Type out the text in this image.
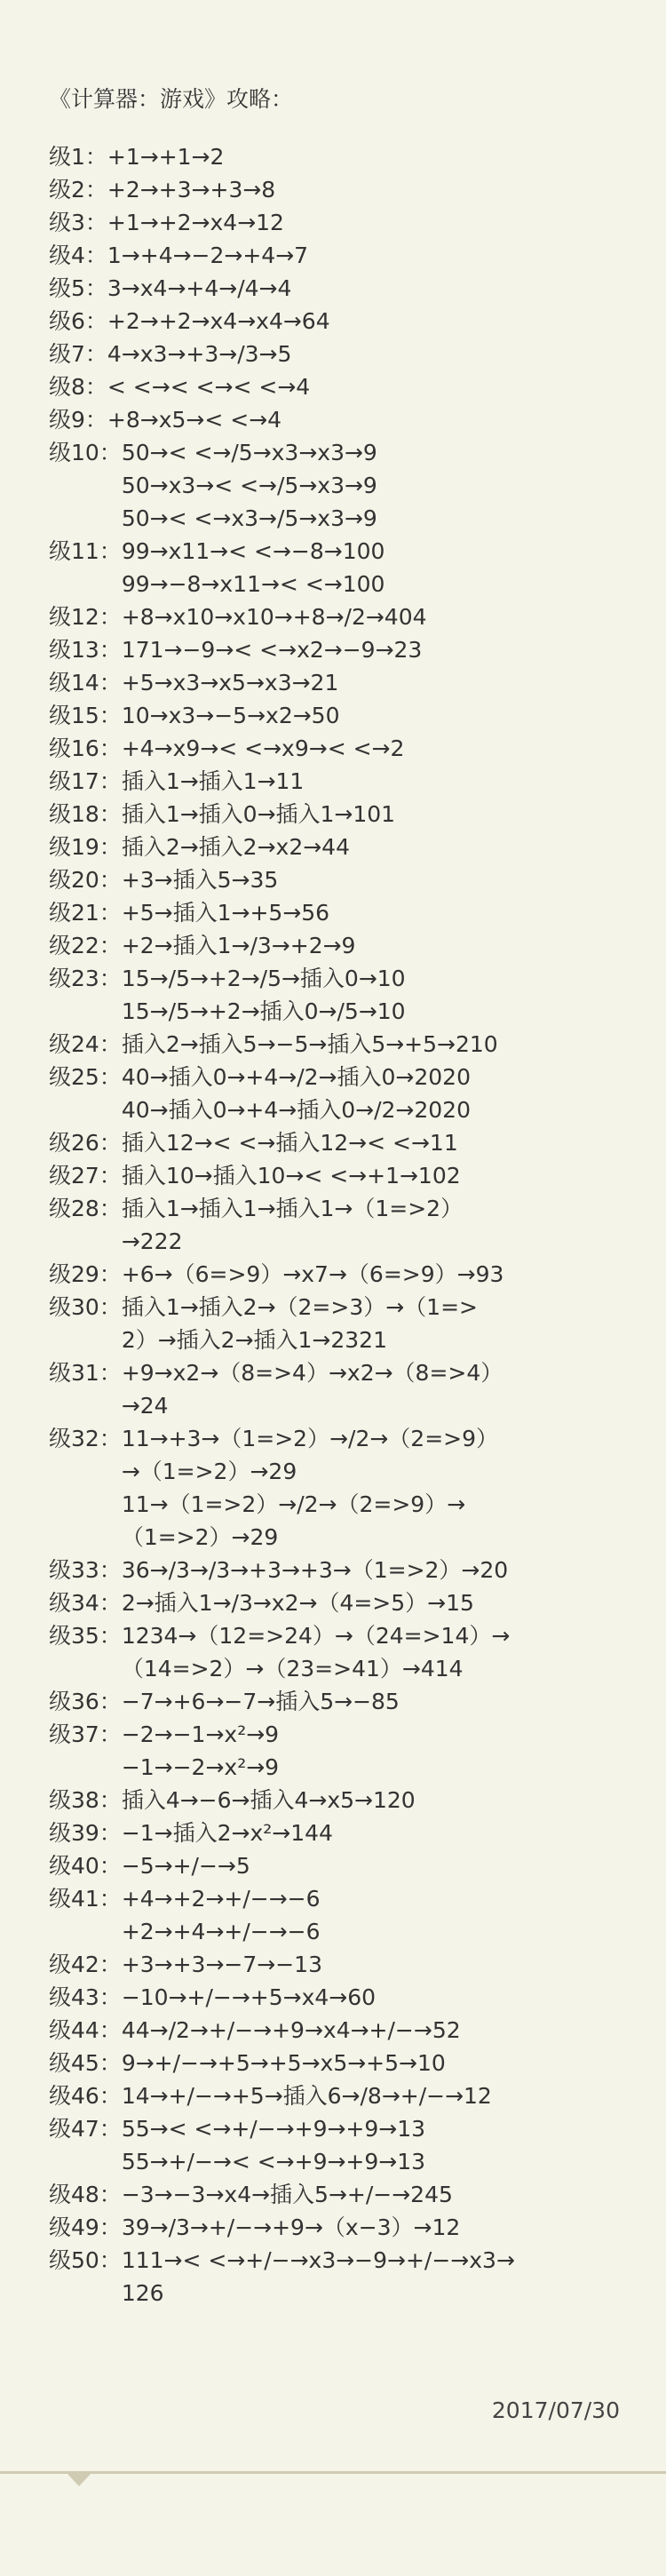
《计算器：游戏》攻略：
级1： +1→+1→2
级2： +2→+3→+3→8
级3： +1→+2→x4→12
级4： 1→+4→−2→+4→7
级5： 3→x4→+4→/4→4
级6： +2→+2→x4→x4→64
级7： 4→x3→+3→/3→5
级8： < <→< <→< <→4
级9： +8→x5→< <→4
级10： 50→< <→/5→x3→x3→9
50→x3→< <→/5→x3→9
50→< <→x3→/5→x3→9
级11： 99→x11→< <→−8→100
99→−8→x11→< <→100
级12： +8→x10→x10→+8→/2→404
级13： 171→−9→< <→x2→−9→23
级14： +5→x3→x5→x3→21
级15： 10→x3→−5→x2→50
级16： +4→x9→< <→x9→< <→2
级17： 插入1→插入1→11
级18： 插入1→插入0→插入1→101
级19： 插入2→插入2→x2→44
级20： +3→插入5→35
级21： +5→插入1→+5→56
级22： +2→插入1→/3→+2→9
级23： 15→/5→+2→/5→插入0→10
15→/5→+2→插入0→/5→10
级24： 插入2→插入5→−5→插入5→+5→210
级25： 40→插入0→+4→/2→插入0→2020
40→插入0→+4→插入0→/2→2020
级26： 插入12→< <→插入12→< <→11
级27： 插入10→插入10→< <→+1→102
级28： 插入1→插入1→插入1→（1=>2）
→222
级29： +6→（6=>9）→x7→（6=>9）→93
级30： 插入1→插入2→（2=>3）→（1=>
2）→插入2→插入1→2321
级31： +9→x2→（8=>4）→x2→（8=>4）
→24
级32： 11→+3→（1=>2）→/2→（2=>9）
→（1=>2）→29
11→（1=>2）→/2→（2=>9）→
（1=>2）→29
级33： 36→/3→/3→+3→+3→（1=>2）→20
级34： 2→插入1→/3→x2→（4=>5）→15
级35： 1234→（12=>24）→（24=>14）→
（14=>2）→（23=>41）→414
级36： −7→+6→−7→插入5→−85
级37： −2→−1→x²→9
−1→−2→x²→9
级38： 插入4→−6→插入4→x5→120
级39： −1→插入2→x²→144
级40： −5→+/−→5
级41： +4→+2→+/−→−6
+2→+4→+/−→−6
级42： +3→+3→−7→−13
级43： −10→+/−→+5→x4→60
级44： 44→/2→+/−→+9→x4→+/−→52
级45： 9→+/−→+5→+5→x5→+5→10
级46： 14→+/−→+5→插入6→/8→+/−→12
级47： 55→< <→+/−→+9→+9→13
55→+/−→< <→+9→+9→13
级48： −3→−3→x4→插入5→+/−→245
级49： 39→/3→+/−→+9→（x−3）→12
级50： 111→< <→+/−→x3→−9→+/−→x3→
126
2017/07/30
